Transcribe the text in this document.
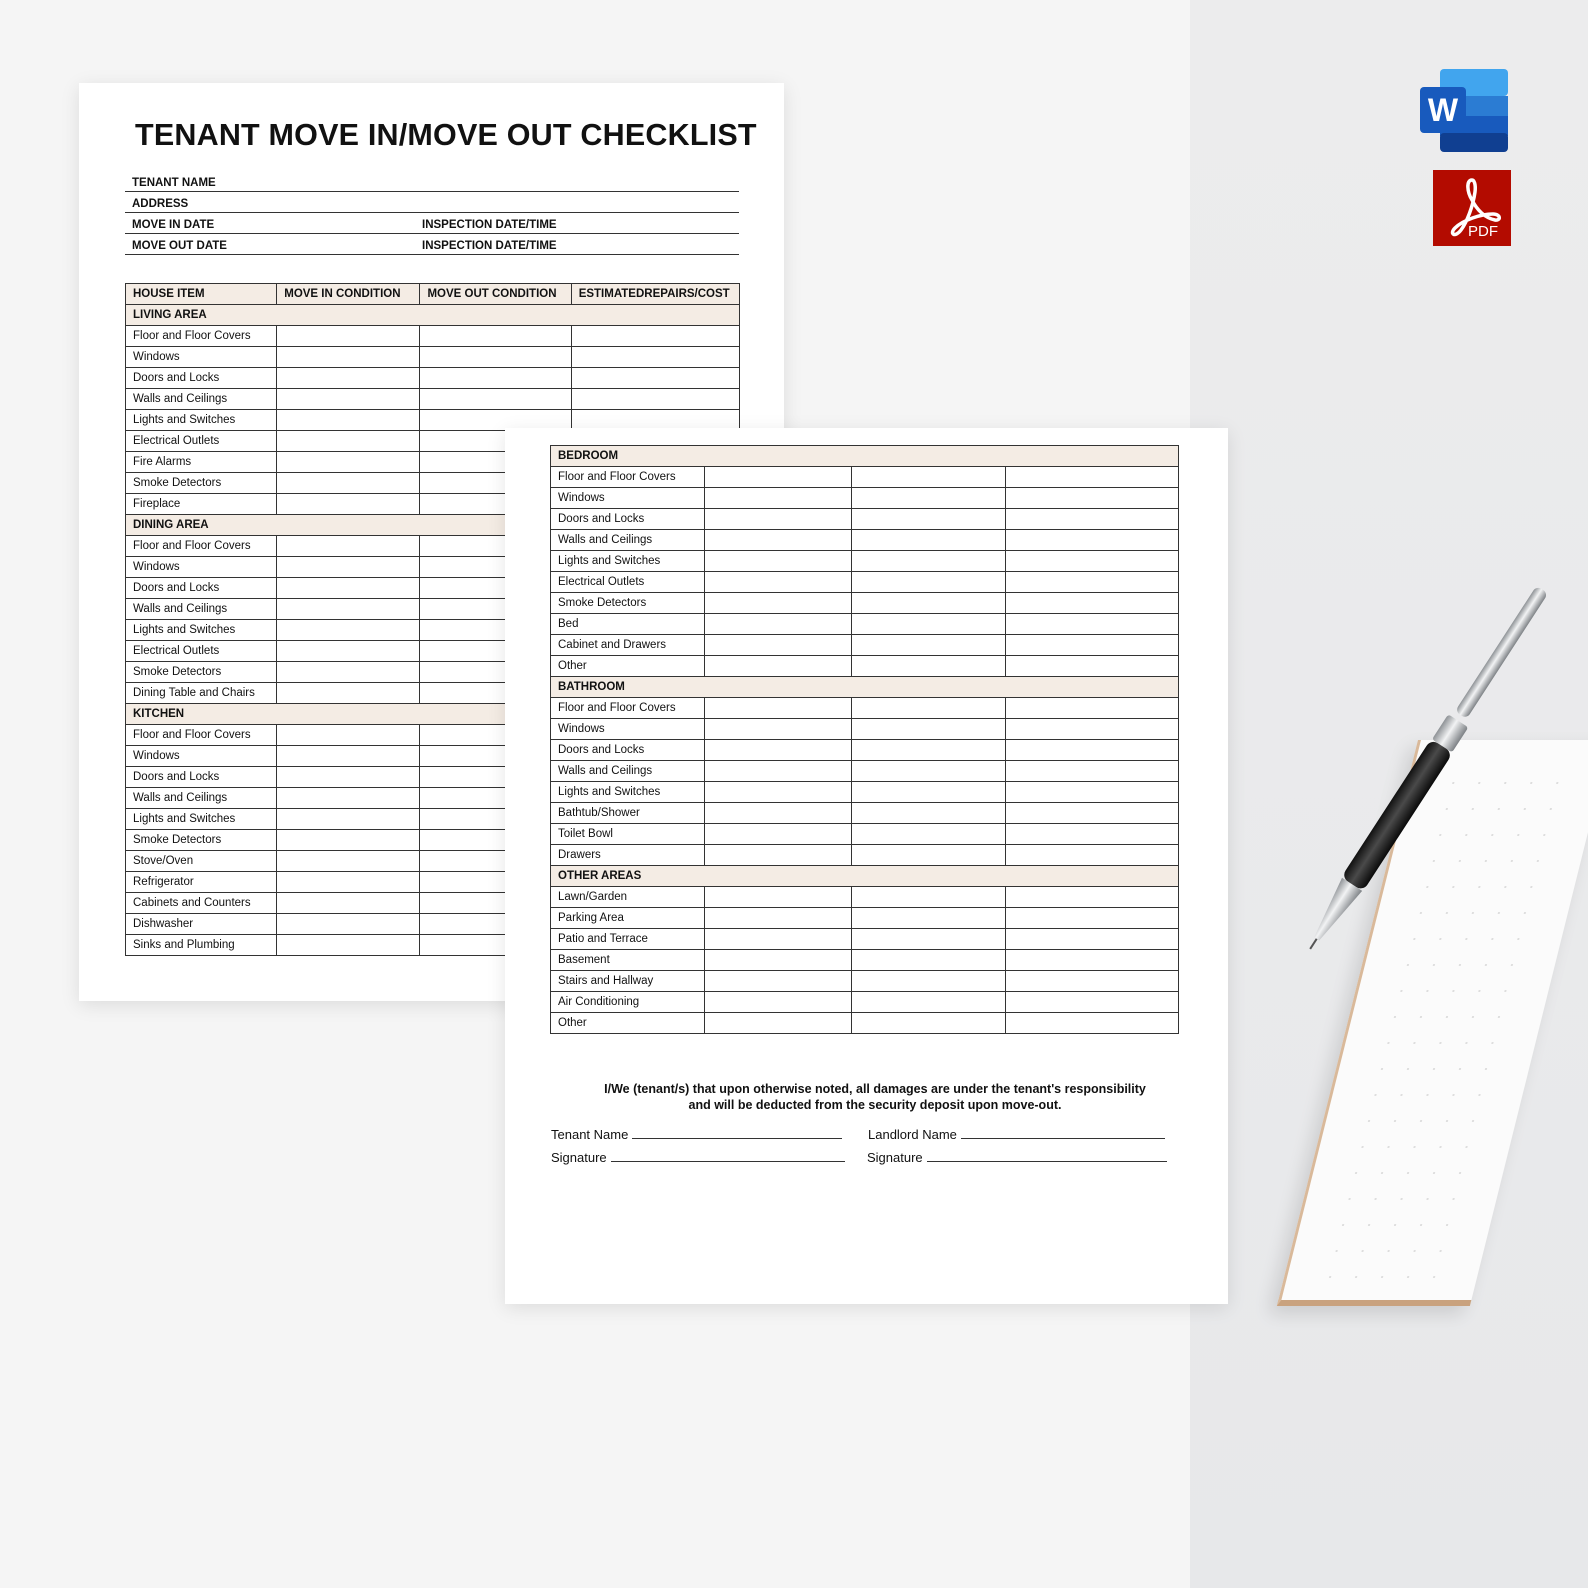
W
PDF
TENANT MOVE IN/MOVE OUT CHECKLIST
TENANT NAME
ADDRESS
MOVE IN DATE	INSPECTION DATE/TIME
MOVE OUT DATE	INSPECTION DATE/TIME
HOUSE ITEM	MOVE IN CONDITION	MOVE OUT CONDITION	ESTIMATEDREPAIRS/COST
LIVING AREA			
Floor and Floor Covers			
Windows			
Doors and Locks			
Walls and Ceilings			
Lights and Switches			
Electrical Outlets			
Fire Alarms			
Smoke Detectors			
Fireplace			
DINING AREA			
Floor and Floor Covers			
Windows			
Doors and Locks			
Walls and Ceilings			
Lights and Switches			
Electrical Outlets			
Smoke Detectors			
Dining Table and Chairs			
KITCHEN			
Floor and Floor Covers			
Windows			
Doors and Locks			
Walls and Ceilings			
Lights and Switches			
Smoke Detectors			
Stove/Oven			
Refrigerator			
Cabinets and Counters			
Dishwasher			
Sinks and Plumbing			
BEDROOM			
Floor and Floor Covers			
Windows			
Doors and Locks			
Walls and Ceilings			
Lights and Switches			
Electrical Outlets			
Smoke Detectors			
Bed			
Cabinet and Drawers			
Other			
BATHROOM			
Floor and Floor Covers			
Windows			
Doors and Locks			
Walls and Ceilings			
Lights and Switches			
Bathtub/Shower			
Toilet Bowl			
Drawers			
OTHER AREAS			
Lawn/Garden			
Parking Area			
Patio and Terrace			
Basement			
Stairs and Hallway			
Air Conditioning			
Other			

I/We (tenant/s) that upon otherwise noted, all damages are under the tenant's responsibility
and will be deducted from the security deposit upon move-out.

Tenant Name	Landlord Name
Signature	Signature
